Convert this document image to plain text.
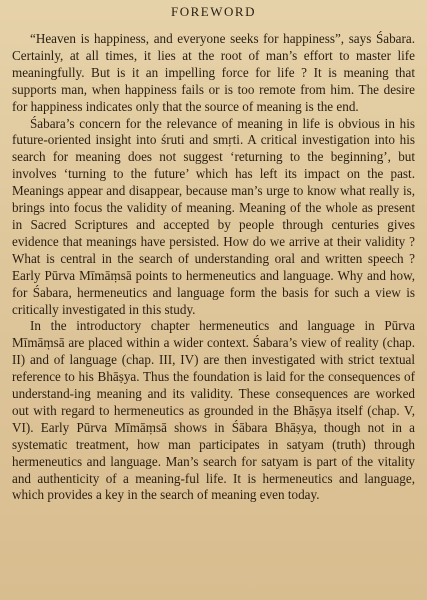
FOREWORD

“Heaven is happiness, and everyone seeks for happiness”, says Śabara. Certainly, at all times, it lies at the root of man’s effort to master life meaningfully. But is it an impelling force for life ? It is meaning that supports man, when happiness fails or is too remote from him. The desire for happiness indicates only that the source of meaning is the end.

Śabara’s concern for the relevance of meaning in life is obvious in his future-oriented insight into śruti and smṛti. A critical investigation into his search for meaning does not suggest ‘returning to the beginning’, but involves ‘turning to the future’ which has left its impact on the past. Meanings appear and disappear, because man’s urge to know what really is, brings into focus the validity of meaning. Meaning of the whole as present in Sacred Scriptures and accepted by people through centuries gives evidence that meanings have persisted. How do we arrive at their validity ? What is central in the search of understanding oral and written speech ? Early Pūrva Mīmāṃsā points to hermeneutics and language. Why and how, for Śabara, hermeneutics and language form the basis for such a view is critically investigated in this study.

In the introductory chapter hermeneutics and language in Pūrva Mīmāṃsā are placed within a wider context. Śabara’s view of reality (chap. II) and of language (chap. III, IV) are then investigated with strict textual reference to his Bhāṣya. Thus the foundation is laid for the consequences of understand-ing meaning and its validity. These consequences are worked out with regard to hermeneutics as grounded in the Bhāṣya itself (chap. V, VI). Early Pūrva Mīmāṃsā shows in Śābara Bhāṣya, though not in a systematic treatment, how man participates in satyam (truth) through hermeneutics and language. Man’s search for satyam is part of the vitality and authenticity of a meaning-ful life. It is hermeneutics and language, which provides a key in the search of meaning even today.
